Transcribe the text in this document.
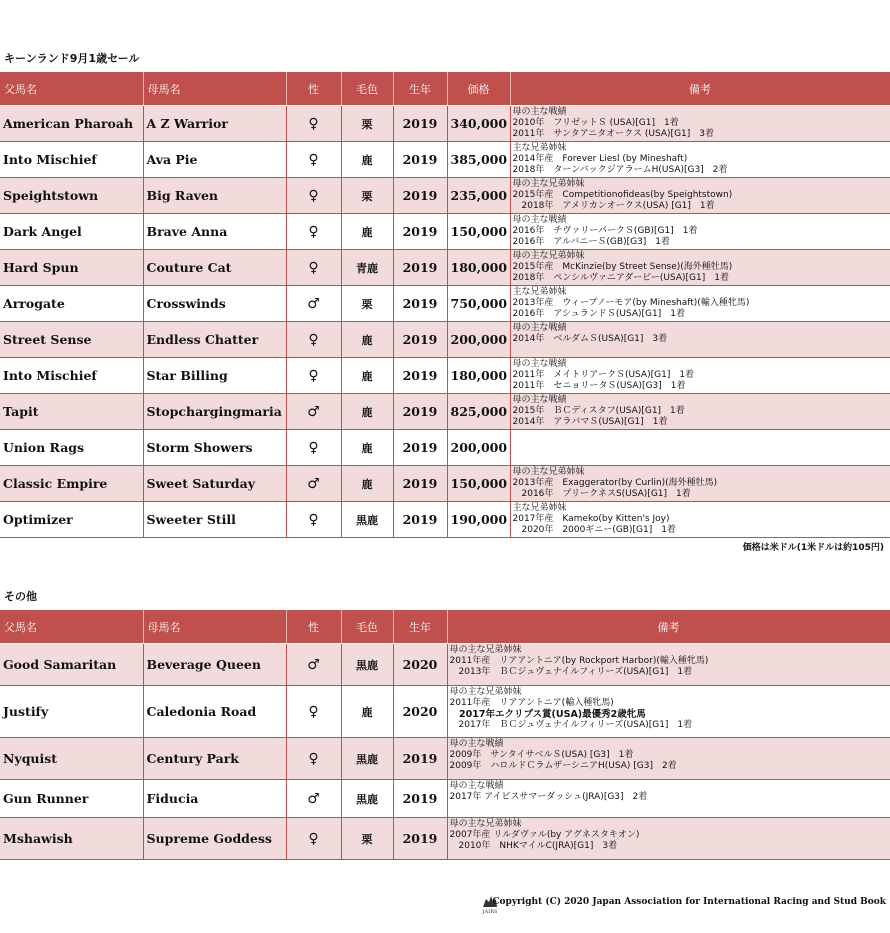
キーンランド9月1歳セール
父馬名	母馬名	性	毛色	生年	価格	備考
American Pharoah	A Z Warrior	♀	栗	2019	340,000	母の主な戦績
2010年　フリゼットＳ (USA)[G1]　1着
2011年　サンタアニタオークス (USA)[G1]　3着

Into Mischief	Ava Pie	♀	鹿	2019	385,000	主な兄弟姉妹
2014年産　Forever Liesl (by Mineshaft)
2018年　ターンバックジアラームH(USA)[G3]　2着

Speightstown	Big Raven	♀	栗	2019	235,000	母の主な兄弟姉妹
2015年産　Competitionofideas(by Speightstown)
　2018年　アメリカンオークス(USA) [G1]　1着

Dark Angel	Brave Anna	♀	鹿	2019	150,000	母の主な戦績
2016年　チヴァリーパークＳ(GB)[G1]　1着
2016年　アルバニーＳ(GB)[G3]　1着

Hard Spun	Couture Cat	♀	青鹿	2019	180,000	母の主な兄弟姉妹
2015年産　McKinzie(by Street Sense)(海外種牡馬)
2018年　ペンシルヴァニアダービー(USA)[G1]　1着

Arrogate	Crosswinds	♂	栗	2019	750,000	主な兄弟姉妹
2013年産　ウィーブノーモア(by Mineshaft)(輸入種牝馬)
2016年　アシュランドＳ(USA)[G1]　1着

Street Sense	Endless Chatter	♀	鹿	2019	200,000	母の主な戦績
2014年　ベルダムＳ(USA)[G1]　3着

Into Mischief	Star Billing	♀	鹿	2019	180,000	母の主な戦績
2011年　メイトリアークＳ(USA)[G1]　1着
2011年　セニョリータＳ(USA)[G3]　1着

Tapit	Stopchargingmaria	♂	鹿	2019	825,000	母の主な戦績
2015年　ＢＣディスタフ(USA)[G1]　1着
2014年　アラバマＳ(USA)[G1]　1着

Union Rags	Storm Showers	♀	鹿	2019	200,000	
Classic Empire	Sweet Saturday	♂	鹿	2019	150,000	母の主な兄弟姉妹
2013年産　Exaggerator(by Curlin)(海外種牡馬)
　2016年　プリークネスS(USA)[G1]　1着

Optimizer	Sweeter Still	♀	黒鹿	2019	190,000	主な兄弟姉妹
2017年産　Kameko(by Kitten's Joy)
　2020年　2000ギニー(GB)[G1]　1着
価格は米ドル(1米ドルは約105円)
その他
父馬名	母馬名	性	毛色	生年	備考
Good Samaritan	Beverage Queen	♂	黒鹿	2020	母の主な兄弟姉妹
2011年産　リアアントニア(by Rockport Harbor)(輸入種牝馬)
　2013年　ＢＣジュヴェナイルフィリーズ(USA)[G1]　1着

Justify	Caledonia Road	♀	鹿	2020	母の主な兄弟姉妹
2011年産　リアアントニア(輸入種牝馬)
　2017年エクリプス賞(USA)最優秀2歳牝馬
　2017年　ＢＣジュヴェナイルフィリーズ(USA)[G1]　1着

Nyquist	Century Park	♀	黒鹿	2019	母の主な戦績
2009年　サンタイサベルＳ(USA) [G3]　1着
2009年　ハロルドＣラムザーシニアH(USA) [G3]　2着

Gun Runner	Fiducia	♂	黒鹿	2019	母の主な戦績
2017年 アイビスサマーダッシュ(JRA)[G3]　2着

Mshawish	Supreme Goddess	♀	栗	2019	母の主な兄弟姉妹
2007年産 リルダヴァル(by アグネスタキオン)
　2010年　NHKマイルC(JRA)[G1]　3着
JAIRS
Copyright (C) 2020 Japan Association for International Racing and Stud Book
